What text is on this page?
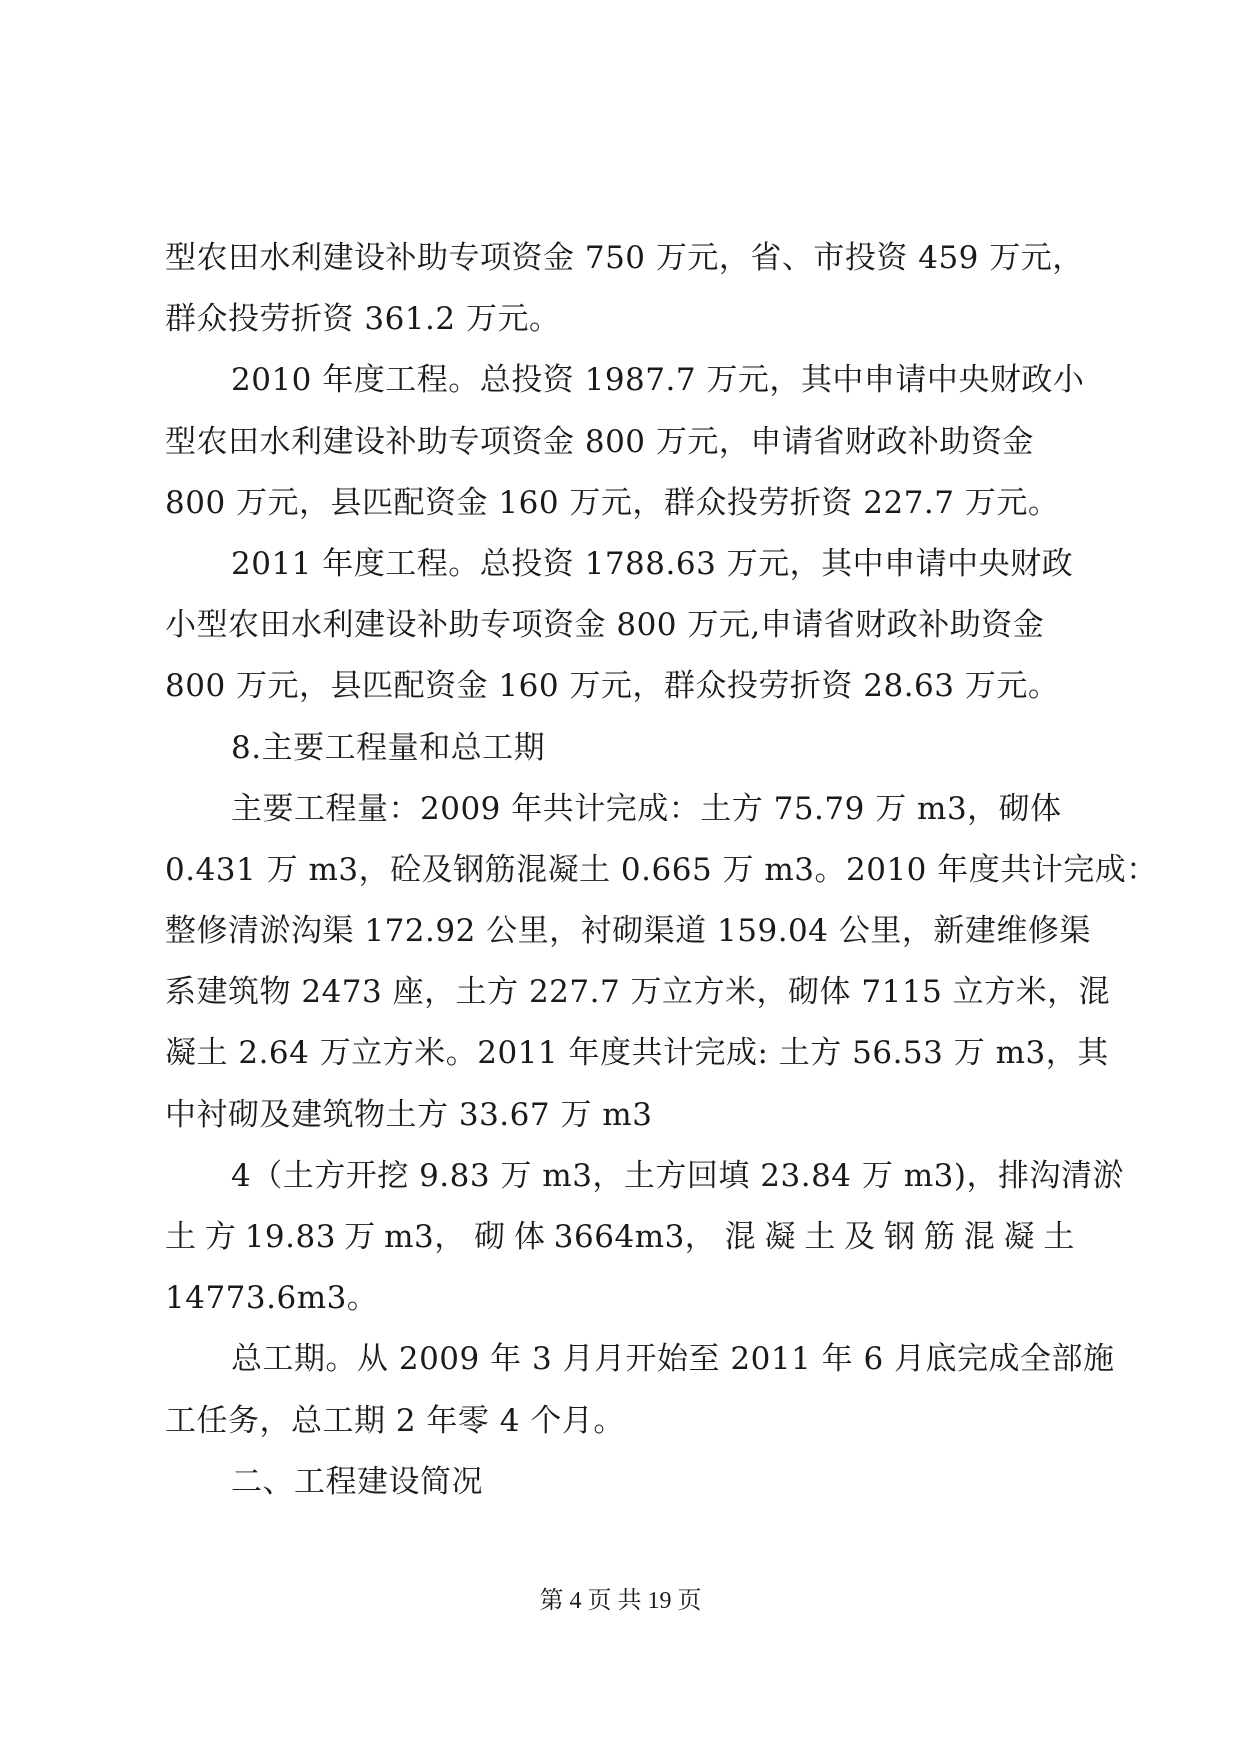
型农田水利建设补助专项资金 750 万元，省、市投资 459 万元，
群众投劳折资 361.2 万元。
2010 年度工程。总投资 1987.7 万元，其中申请中央财政小
型农田水利建设补助专项资金 800 万元，申请省财政补助资金
800 万元，县匹配资金 160 万元，群众投劳折资 227.7 万元。
2011 年度工程。总投资 1788.63 万元，其中申请中央财政
小型农田水利建设补助专项资金 800 万元,申请省财政补助资金
800 万元，县匹配资金 160 万元，群众投劳折资 28.63 万元。
8.主要工程量和总工期
主要工程量：2009 年共计完成：土方 75.79 万 m3，砌体
0.431 万 m3，砼及钢筋混凝土 0.665 万 m3。2010 年度共计完成：
整修清淤沟渠 172.92 公里，衬砌渠道 159.04 公里，新建维修渠
系建筑物 2473 座，土方 227.7 万立方米，砌体 7115 立方米，混
凝土 2.64 万立方米。2011 年度共计完成: 土方 56.53 万 m3，其
中衬砌及建筑物土方 33.67 万 m3
4（土方开挖 9.83 万 m3，土方回填 23.84 万 m3)，排沟清淤
土 方 19.83 万 m3， 砌 体 3664m3， 混 凝 土 及 钢 筋 混 凝 土
14773.6m3。
总工期。从 2009 年 3 月月开始至 2011 年 6 月底完成全部施
工任务，总工期 2 年零 4 个月。
二、工程建设简况

第 4 页 共 19 页
